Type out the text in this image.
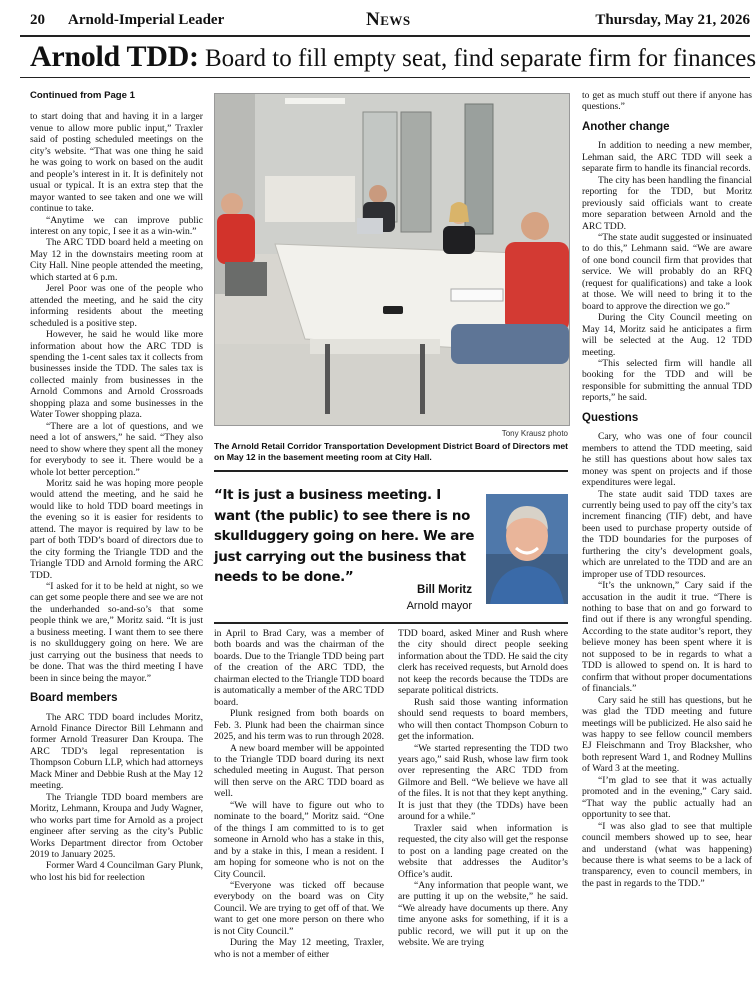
20 Arnold-Imperial Leader	News	Thursday, May 21, 2026
Arnold TDD: Board to fill empty seat, find separate firm for finances
Continued from Page 1

to start doing that and having it in a larger venue to allow more public input,” Traxler said of posting scheduled meetings on the city’s website. “That was one thing he said he was going to work on based on the audit and people’s interest in it. It is definitely not usual or typical. It is an extra step that the mayor wanted to see taken and one we will continue to take.

“Anytime we can improve public interest on any topic, I see it as a win-win.”

The ARC TDD board held a meeting on May 12 in the downstairs meeting room at City Hall. Nine people attended the meeting, which started at 6 p.m.

Jerel Poor was one of the people who attended the meeting, and he said the city informing residents about the meeting scheduled is a positive step.

However, he said he would like more information about how the ARC TDD is spending the 1-cent sales tax it collects from businesses inside the TDD. The sales tax is collected mainly from businesses in the Arnold Commons and Arnold Crossroads shopping plaza and some businesses in the Water Tower shopping plaza.

“There are a lot of questions, and we need a lot of answers,” he said. “They also need to show where they spent all the money for everybody to see it. There would be a whole lot better perception.”

Moritz said he was hoping more people would attend the meeting, and he said he would like to hold TDD board meetings in the evening so it is easier for residents to attend. The mayor is required by law to be part of both TDD’s board of directors due to the city forming the Triangle TDD and the Triangle TDD and Arnold forming the ARC TDD.

“I asked for it to be held at night, so we can get some people there and see we are not the underhanded so-and-so’s that some people think we are,” Moritz said. “It is just a business meeting. I want them to see there is no skullduggery going on here. We are just carrying out the business that needs to be done. That was the third meeting I have been in since being the mayor.”

Board members

The ARC TDD board includes Moritz, Arnold Finance Director Bill Lehmann and former Arnold Treasurer Dan Kroupa. The ARC TDD’s legal representation is Thompson Coburn LLP, which had attorneys Mack Miner and Debbie Rush at the May 12 meeting.

The Triangle TDD board members are Moritz, Lehmann, Kroupa and Judy Wagner, who works part time for Arnold as a project engineer after serving as the city’s Public Works Department director from October 2019 to January 2025.

Former Ward 4 Councilman Gary Plunk, who lost his bid for reelection

Tony Krausz photo
The Arnold Retail Corridor Transportation Development District Board of Directors met on May 12 in the basement meeting room at City Hall.
“It is just a business meeting. I want (the public) to see there is no skullduggery going on here. We are just carrying out the business that needs to be done.”
Bill Moritz
Arnold mayor

in April to Brad Cary, was a member of both boards and was the chairman of the boards. Due to the Triangle TDD being part of the creation of the ARC TDD, the chairman elected to the Triangle TDD board is automatically a member of the ARC TDD board.

Plunk resigned from both boards on Feb. 3. Plunk had been the chairman since 2025, and his term was to run through 2028.

A new board member will be appointed to the Triangle TDD board during its next scheduled meeting in August. That person will then serve on the ARC TDD board as well.

“We will have to figure out who to nominate to the board,” Moritz said. “One of the things I am committed to is to get someone in Arnold who has a stake in this, and by a stake in this, I mean a resident. I am hoping for someone who is not on the City Council.

“Everyone was ticked off because everybody on the board was on City Council. We are trying to get off of that. We want to get one more person on there who is not City Council.”

During the May 12 meeting, Traxler, who is not a member of either

TDD board, asked Miner and Rush where the city should direct people seeking information about the TDD. He said the city clerk has received requests, but Arnold does not keep the records because the TDDs are separate political districts.

Rush said those wanting information should send requests to board members, who will then contact Thompson Coburn to get the information.

“We started representing the TDD two years ago,” said Rush, whose law firm took over representing the ARC TDD from Gilmore and Bell. “We believe we have all of the files. It is not that they kept anything. It is just that they (the TDDs) have been around for a while.”

Traxler said when information is requested, the city also will get the response to post on a landing page created on the website that addresses the Auditor’s Office’s audit.

“Any information that people want, we are putting it up on the website,” he said. “We already have documents up there. Any time anyone asks for something, if it is a public record, we will put it up on the website. We are trying

to get as much stuff out there if anyone has questions.”

Another change

In addition to needing a new member, Lehman said, the ARC TDD will seek a separate firm to handle its financial records.

The city has been handling the financial reporting for the TDD, but Moritz previously said officials want to create more separation between Arnold and the ARC TDD.

“The state audit suggested or insinuated to do this,” Lehmann said. “We are aware of one bond council firm that provides that service. We will probably do an RFQ (request for qualifications) and take a look at those. We will need to bring it to the board to approve the direction we go.”

During the City Council meeting on May 14, Moritz said he anticipates a firm will be selected at the Aug. 12 TDD meeting.

“This selected firm will handle all booking for the TDD and will be responsible for submitting the annual TDD reports,” he said.

Questions

Cary, who was one of four council members to attend the TDD meeting, said he still has questions about how sales tax money was spent on projects and if those expenditures were legal.

The state audit said TDD taxes are currently being used to pay off the city’s tax increment financing (TIF) debt, and have been used to purchase property outside of the TDD boundaries for the purposes of furthering the city’s development goals, which are unrelated to the TDD and are an improper use of TDD resources.

“It’s the unknown,” Cary said if the accusation in the audit it true. “There is nothing to base that on and go forward to find out if there is any wrongful spending. According to the state auditor’s report, they believe money has been spent where it is not supposed to be in regards to what a TDD is allowed to spend on. It is hard to confirm that without proper documentations of financials.”

Cary said he still has questions, but he was glad the TDD meeting and future meetings will be publicized. He also said he was happy to see fellow council members EJ Fleischmann and Troy Blacksher, who both represent Ward 1, and Rodney Mullins of Ward 3 at the meeting.

“I’m glad to see that it was actually promoted and in the evening,” Cary said. “That way the public actually had an opportunity to see that.

“I was also glad to see that multiple council members showed up to see, hear and understand (what was happening) because there is what seems to be a lack of transparency, even to council members, in the past in regards to the TDD.”
